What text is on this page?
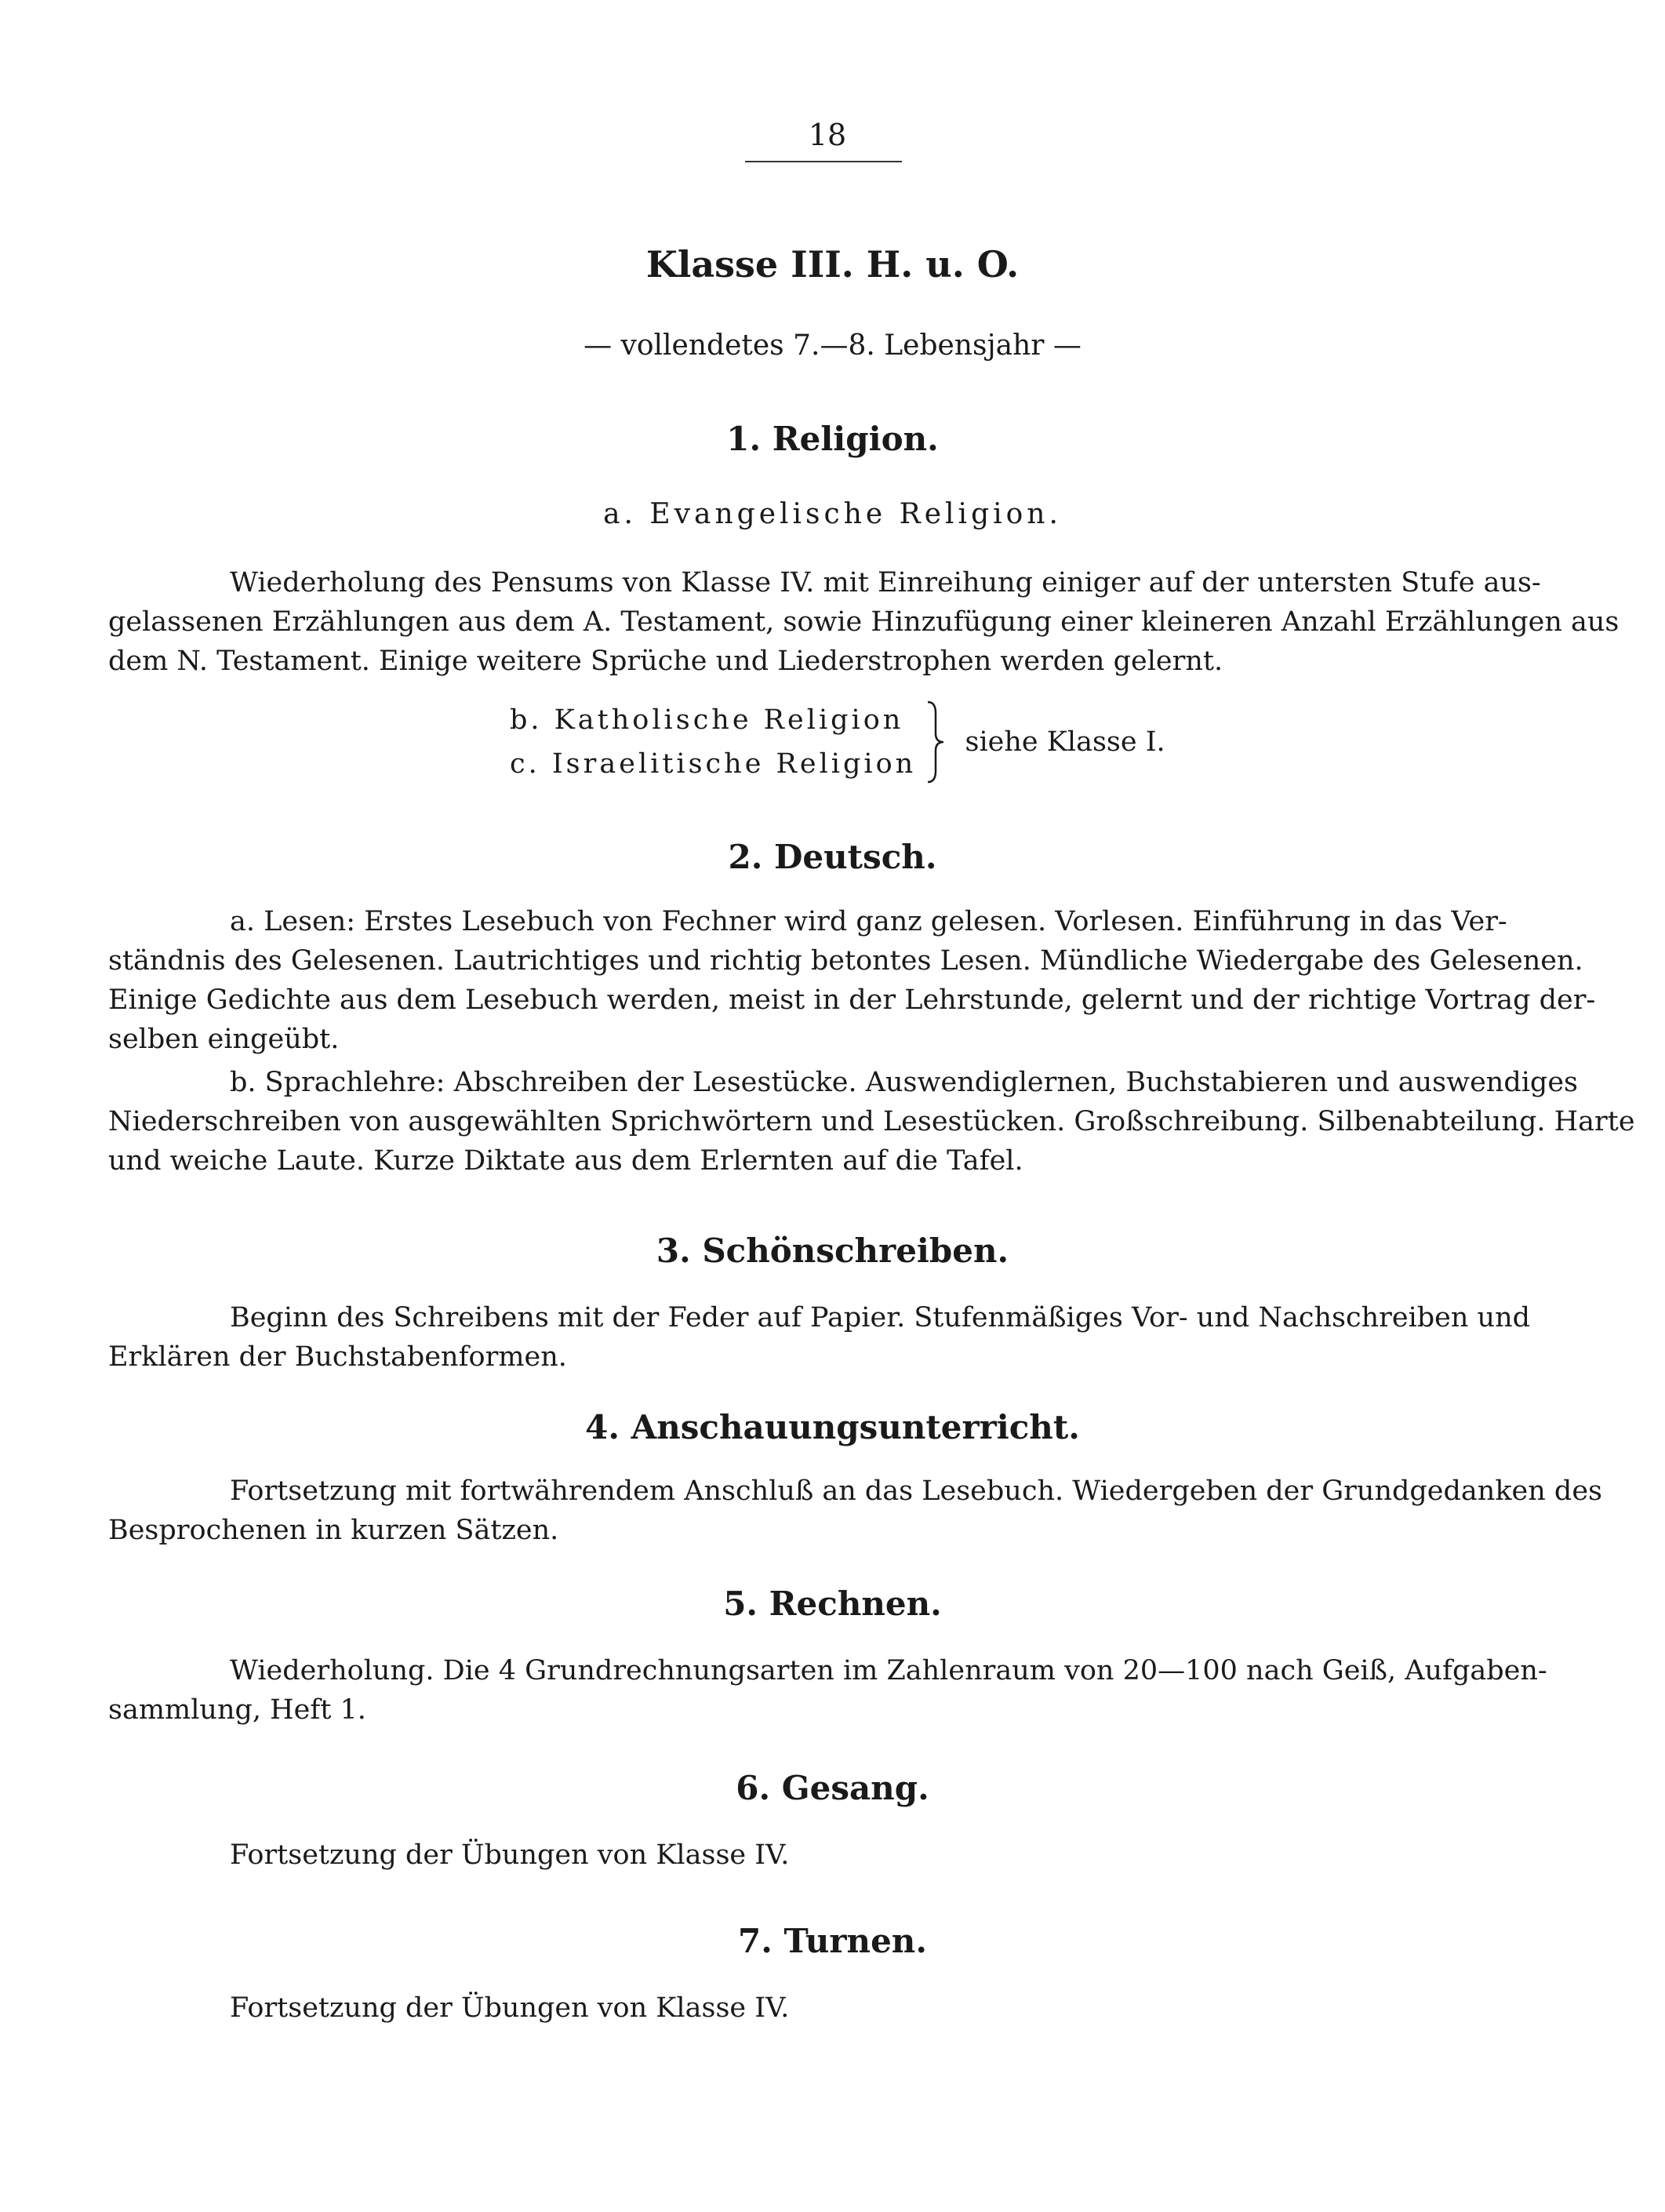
18
Klasse III. H. u. O.
— vollendetes 7.—8. Lebensjahr —
1. Religion.
a. Evangelische Religion.
Wiederholung des Pensums von Klasse IV. mit Einreihung einiger auf der untersten Stufe aus-
gelassenen Erzählungen aus dem A. Testament, sowie Hinzufügung einer kleineren Anzahl Erzählungen aus
dem N. Testament. Einige weitere Sprüche und Liederstrophen werden gelernt.
b. Katholische Religion
c. Israelitische Religion
siehe Klasse I.
2. Deutsch.
a. Lesen: Erstes Lesebuch von Fechner wird ganz gelesen. Vorlesen. Einführung in das Ver-
ständnis des Gelesenen. Lautrichtiges und richtig betontes Lesen. Mündliche Wiedergabe des Gelesenen.
Einige Gedichte aus dem Lesebuch werden, meist in der Lehrstunde, gelernt und der richtige Vortrag der-
selben eingeübt.
b. Sprachlehre: Abschreiben der Lesestücke. Auswendiglernen, Buchstabieren und auswendiges
Niederschreiben von ausgewählten Sprichwörtern und Lesestücken. Großschreibung. Silbenabteilung. Harte
und weiche Laute. Kurze Diktate aus dem Erlernten auf die Tafel.
3. Schönschreiben.
Beginn des Schreibens mit der Feder auf Papier. Stufenmäßiges Vor- und Nachschreiben und
Erklären der Buchstabenformen.
4. Anschauungsunterricht.
Fortsetzung mit fortwährendem Anschluß an das Lesebuch. Wiedergeben der Grundgedanken des
Besprochenen in kurzen Sätzen.
5. Rechnen.
Wiederholung. Die 4 Grundrechnungsarten im Zahlenraum von 20—100 nach Geiß, Aufgaben-
sammlung, Heft 1.
6. Gesang.
Fortsetzung der Übungen von Klasse IV.
7. Turnen.
Fortsetzung der Übungen von Klasse IV.
